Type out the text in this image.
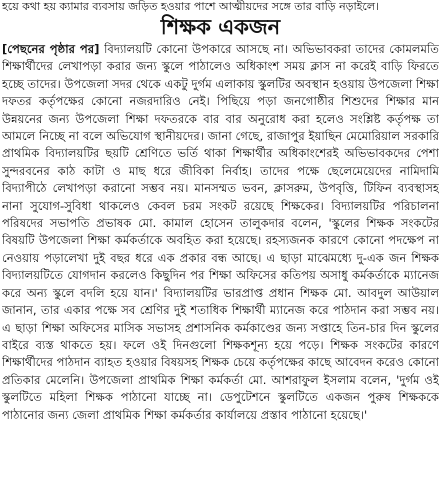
হয়ে কথা হয় ক্যামার ব্যবসায় জড়িত হওয়ার পাশে আত্মীয়দের সঙ্গে তার বাড়ি নড়াইলে।
শিক্ষক একজন
[পেছনের পৃষ্ঠার পর] বিদ্যালয়টি কোনো উপকারে আসছে না। অভিভাবকরা তাদের কোমলমতি শিক্ষার্থীদের লেখাপড়া করার জন্য স্কুলে পাঠালেও অধিকাংশ সময় ক্লাস না করেই বাড়ি ফিরতে হচ্ছে তাদের। উপজেলা সদর থেকে একটু দুর্গম এলাকায় স্কুলটির অবস্থান হওয়ায় উপজেলা শিক্ষা দফতর কর্তৃপক্ষের কোনো নজরদারিও নেই। পিছিয়ে পড়া জনগোষ্ঠীর শিশুদের শিক্ষার মান উন্নয়নের জন্য উপজেলা শিক্ষা দফতরকে বার বার অনুরোধ করা হলেও সংশ্লিষ্ট কর্তৃপক্ষ তা আমলে নিচ্ছে না বলে অভিযোগ স্থানীয়দের। জানা গেছে, রাজাপুর ইয়াছিন মেমোরিয়াল সরকারি প্রাথমিক বিদ্যালয়টির ছয়টি শ্রেণিতে ভর্তি থাকা শিক্ষার্থীর অধিকাংশেরই অভিভাবকদের পেশা সুন্দরবনের কাঠ কাটা ও মাছ ধরে জীবিকা নির্বাহ। তাদের পক্ষে ছেলেমেয়েদের নামিদামি বিদ্যাপীঠে লেখাপড়া করানো সম্ভব নয়। মানসম্মত ভবন, ক্লাসরুম, উপবৃত্তি, টিফিন ব্যবস্থাসহ নানা সুযোগ-সুবিধা থাকলেও কেবল চরম সংকট রয়েছে শিক্ষকের। বিদ্যালয়টির পরিচালনা পরিষদের সভাপতি প্রভাষক মো. কামাল হোসেন তালুকদার বলেন, 'স্কুলের শিক্ষক সংকটের বিষয়টি উপজেলা শিক্ষা কর্মকর্তাকে অবহিত করা হয়েছে। রহস্যজনক কারণে কোনো পদক্ষেপ না নেওয়ায় পড়ালেখা দুই বছর ধরে এক প্রকার বন্ধ আছে। এ ছাড়া মাঝেমধ্যে দু-এক জন শিক্ষক বিদ্যালয়টিতে যোগদান করলেও কিছুদিন পর শিক্ষা অফিসের কতিপয় অসাধু কর্মকর্তাকে ম্যানেজ করে অন্য স্কুলে বদলি হয়ে যান।' বিদ্যালয়টির ভারপ্রাপ্ত প্রধান শিক্ষক মো. আবদুল আউয়াল জানান, তার একার পক্ষে সব শ্রেণির দুই শতাধিক শিক্ষার্থী ম্যানেজ করে পাঠদান করা সম্ভব নয়। এ ছাড়া শিক্ষা অফিসের মাসিক সভাসহ প্রশাসনিক কর্মকাণ্ডের জন্য সপ্তাহে তিন-চার দিন স্কুলের বাইরে ব্যস্ত থাকতে হয়। ফলে ওই দিনগুলো শিক্ষকশূন্য হয়ে পড়ে। শিক্ষক সংকটের কারণে শিক্ষার্থীদের পাঠদান ব্যাহত হওয়ার বিষয়সহ শিক্ষক চেয়ে কর্তৃপক্ষের কাছে আবেদন করেও কোনো প্রতিকার মেলেনি। উপজেলা প্রাথমিক শিক্ষা কর্মকর্তা মো. আশরাফুল ইসলাম বলেন, 'দুর্গম ওই স্কুলটিতে মহিলা শিক্ষক পাঠানো যাচ্ছে না। ডেপুটেশনে স্কুলটিতে একজন পুরুষ শিক্ষককে পাঠানোর জন্য জেলা প্রাথমিক শিক্ষা কর্মকর্তার কার্যালয়ে প্রস্তাব পাঠানো হয়েছে।'
